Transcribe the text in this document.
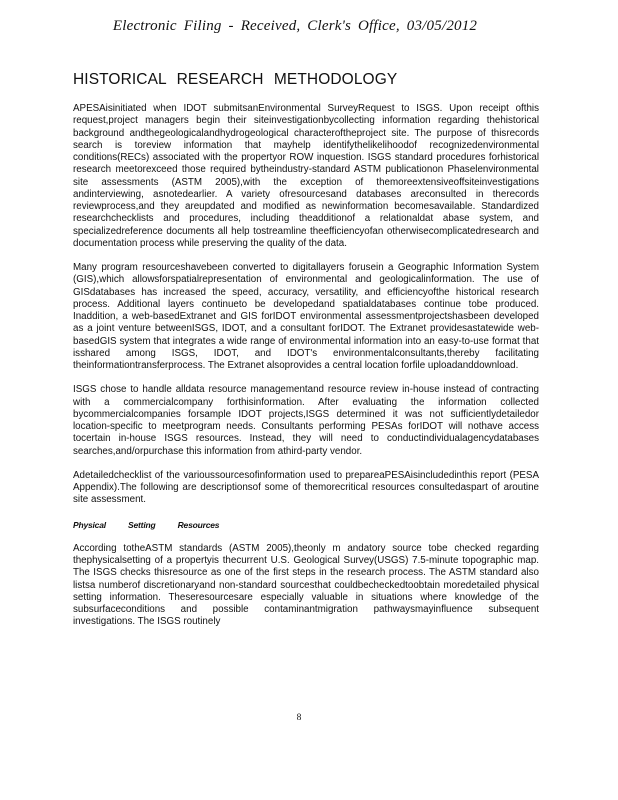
Electronic Filing - Received, Clerk's Office, 03/05/2012
HISTORICAL RESEARCH METHODOLOGY

APESAisinitiated when IDOT submitsanEnvironmental SurveyRequest to ISGS. Upon receipt ofthis request,project managers begin their siteinvestigationbycollecting information regarding thehistorical background andthegeologicalandhydrogeological characteroftheproject site. The purpose of thisrecords search is toreview information that mayhelp identifythelikelihoodof recognizedenvironmental conditions(RECs) associated with the propertyor ROW inquestion. ISGS standard procedures forhistorical research meetorexceed those required bytheindustry-standard ASTM publicationon Phaselenvironmental site assessments (ASTM 2005),with the exception of themoreextensiveoffsiteinvestigations andinterviewing, asnotedearlier. A variety ofresourcesand databases areconsulted in therecords reviewprocess,and they areupdated and modified as newinformation becomesavailable. Standardized researchchecklists and procedures, including theadditionof a relationaldat abase system, and specializedreference documents all help tostreamline theefficiencyofan otherwisecomplicatedresearch and documentation process while preserving the quality of the data.

Many program resourceshavebeen converted to digitallayers forusein a Geographic Information System (GIS),which allowsforspatialrepresentation of environmental and geologicalinformation. The use of GISdatabases has increased the speed, accuracy, versatility, and efficiencyofthe historical research process. Additional layers continueto be developedand spatialdatabases continue tobe produced. Inaddition, a web-basedExtranet and GIS forIDOT environmental assessmentprojectshasbeen developed as a joint venture betweenISGS, IDOT, and a consultant forIDOT. The Extranet providesastatewide web-basedGIS system that integrates a wide range of environmental information into an easy-to-use format that isshared among ISGS, IDOT, and IDOT's environmentalconsultants,thereby facilitating theinformationtransferprocess. The Extranet alsoprovides a central location forfile uploadanddownload.

ISGS chose to handle alldata resource managementand resource review in-house instead of contracting with a commercialcompany forthisinformation. After evaluating the information collected bycommercialcompanies forsample IDOT projects,ISGS determined it was not sufficientlydetailedor location-specific to meetprogram needs. Consultants performing PESAs forIDOT will nothave access tocertain in-house ISGS resources. Instead, they will need to conductindividualagencydatabases searches,and/orpurchase this information from athird-party vendor.

Adetailedchecklist of the varioussourcesofinformation used to prepareaPESAisincludedinthis report (PESA Appendix).The following are descriptionsof some of themorecritical resources consultedaspart of aroutine site assessment.

Physical Setting Resources

According totheASTM standards (ASTM 2005),theonly m andatory source tobe checked regarding thephysicalsetting of a propertyis thecurrent U.S. Geological Survey(USGS) 7.5-minute topographic map. The ISGS checks thisresource as one of the first steps in the research process. The ASTM standard also listsa numberof discretionaryand non-standard sourcesthat couldbecheckedtoobtain moredetailed physical setting information. Theseresourcesare especially valuable in situations where knowledge of the subsurfaceconditions and possible contaminantmigration pathwaysmayinfluence subsequent investigations. The ISGS routinely

8
